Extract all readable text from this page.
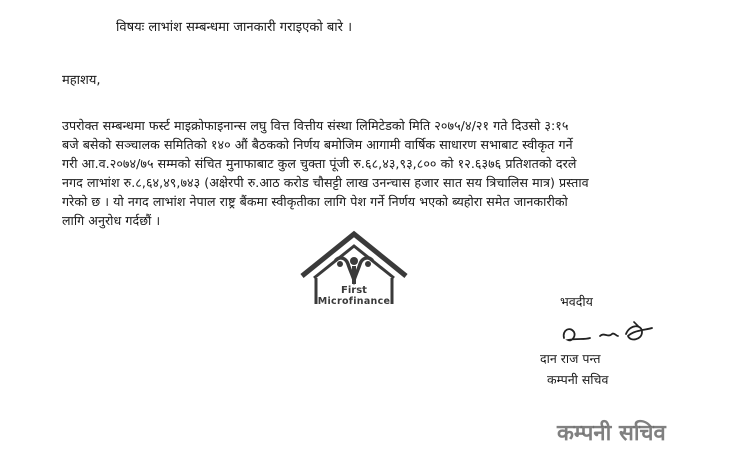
विषयः लाभांश सम्बन्धमा जानकारी गराइएको बारे ।
महाशय,
उपरोक्त सम्बन्धमा फर्स्ट माइक्रोफाइनान्स लघु वित्त वित्तीय संस्था लिमिटेडको मिति २०७५/४/२१ गते दिउसो ३:१५
बजे बसेको सञ्चालक समितिको १४० औं बैठकको निर्णय बमोजिम आगामी वार्षिक साधारण सभाबाट स्वीकृत गर्ने
गरी आ.व.२०७४/७५ सम्मको संचित मुनाफाबाट कुल चुक्ता पूंजी रु.६८,४३,९३,८०० को १२.६३७६ प्रतिशतको दरले
नगद लाभांश रु.८,६४,४९,७४३ (अक्षेरपी रु.आठ करोड चौसट्टी लाख उनन्चास हजार सात सय त्रिचालिस मात्र) प्रस्ताव
गरेको छ । यो नगद लाभांश नेपाल राष्ट्र बैंकमा स्वीकृतीका लागि पेश गर्ने निर्णय भएको ब्यहोरा समेत जानकारीको
लागि अनुरोध गर्दछौं ।
First
Microfinance	भवदीय
दान राज पन्त
कम्पनी सचिव
कम्पनी सचिव
